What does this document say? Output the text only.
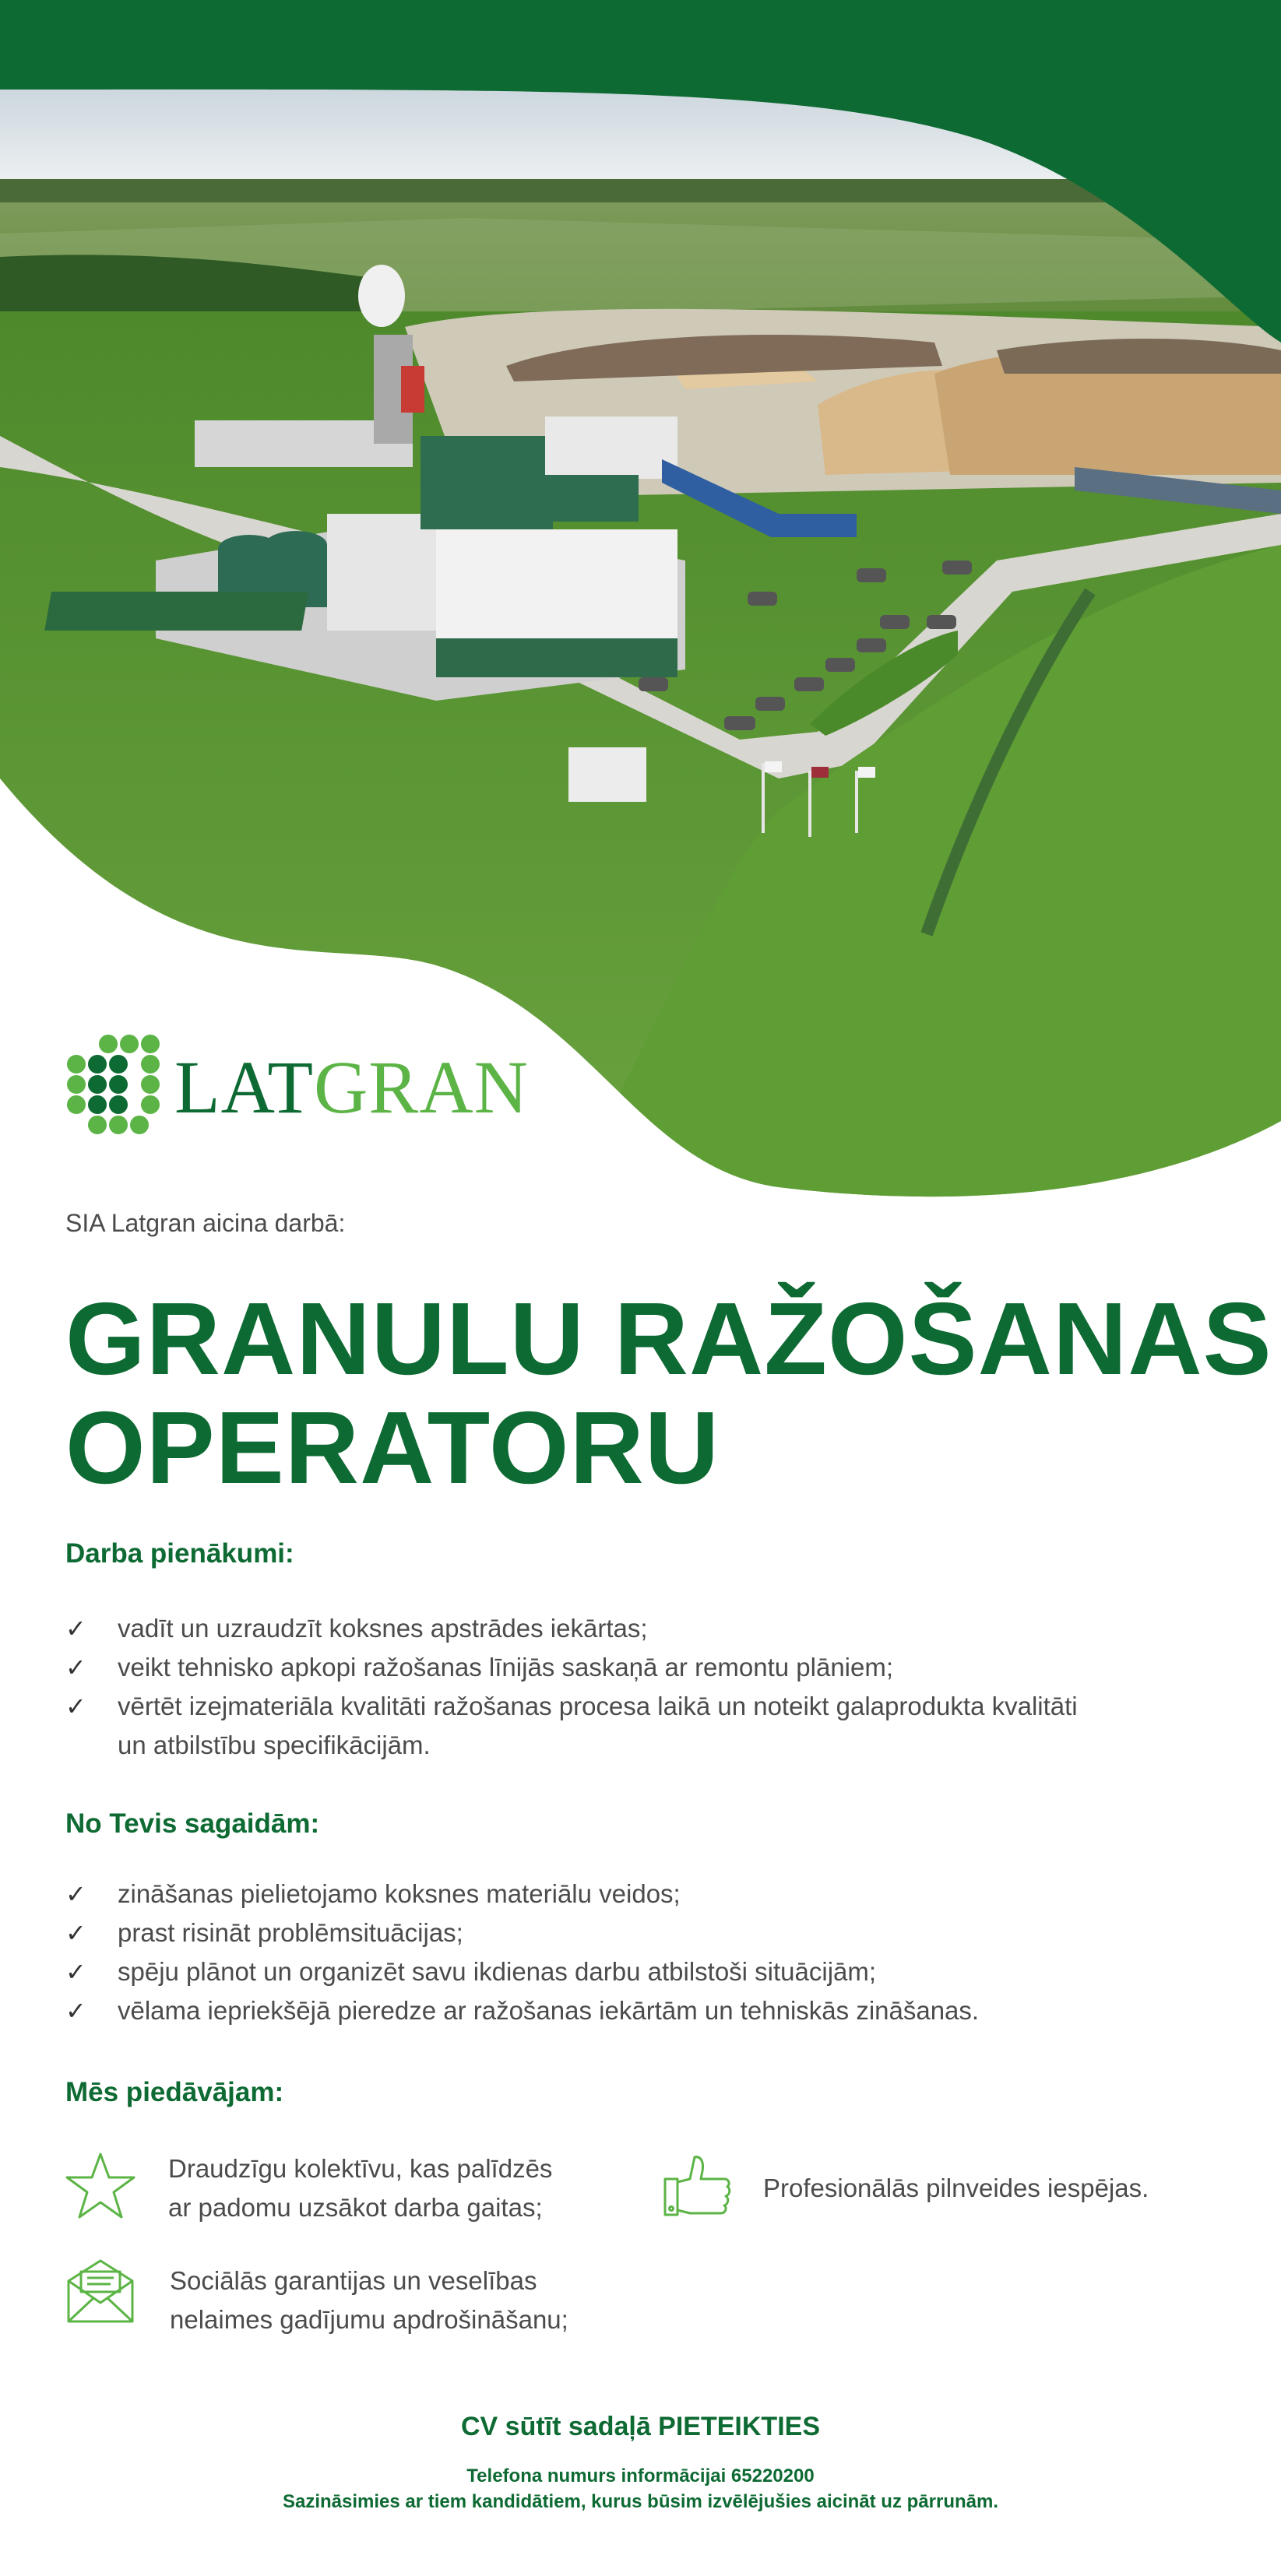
LATGRAN
SIA Latgran aicina darbā:
GRANULU RAŽOŠANAS
OPERATORU
Darba pienākumi:
✓ vadīt un uzraudzīt koksnes apstrādes iekārtas;
✓ veikt tehnisko apkopi ražošanas līnijās saskaņā ar remontu plāniem;
✓ vērtēt izejmateriāla kvalitāti ražošanas procesa laikā un noteikt galaprodukta kvalitāti un atbilstību specifikācijām.
No Tevis sagaidām:
✓ zināšanas pielietojamo koksnes materiālu veidos;
✓ prast risināt problēmsituācijas;
✓ spēju plānot un organizēt savu ikdienas darbu atbilstoši situācijām;
✓ vēlama iepriekšējā pieredze ar ražošanas iekārtām un tehniskās zināšanas.
Mēs piedāvājam:
Draudzīgu kolektīvu, kas palīdzēs
ar padomu uzsākot darba gaitas;
Profesionālās pilnveides iespējas.
Sociālās garantijas un veselības
nelaimes gadījumu apdrošināšanu;
CV sūtīt sadaļā PIETEIKTIES
Telefona numurs informācijai 65220200
Sazināsimies ar tiem kandidātiem, kurus būsim izvēlējušies aicināt uz pārrunām.
